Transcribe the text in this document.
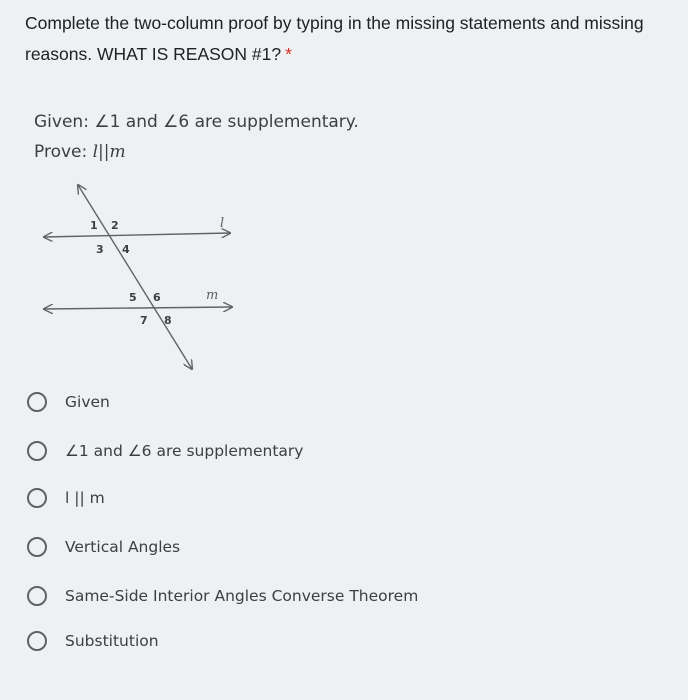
Complete the two-column proof by typing in the missing statements and missing reasons. WHAT IS REASON #1? *
Given: ∠1 and ∠6 are supplementary.
Prove: l||m
1 2
3 4
5 6
7 8
l
m
Given
∠1 and ∠6 are supplementary
l || m
Vertical Angles
Same-Side Interior Angles Converse Theorem
Substitution
